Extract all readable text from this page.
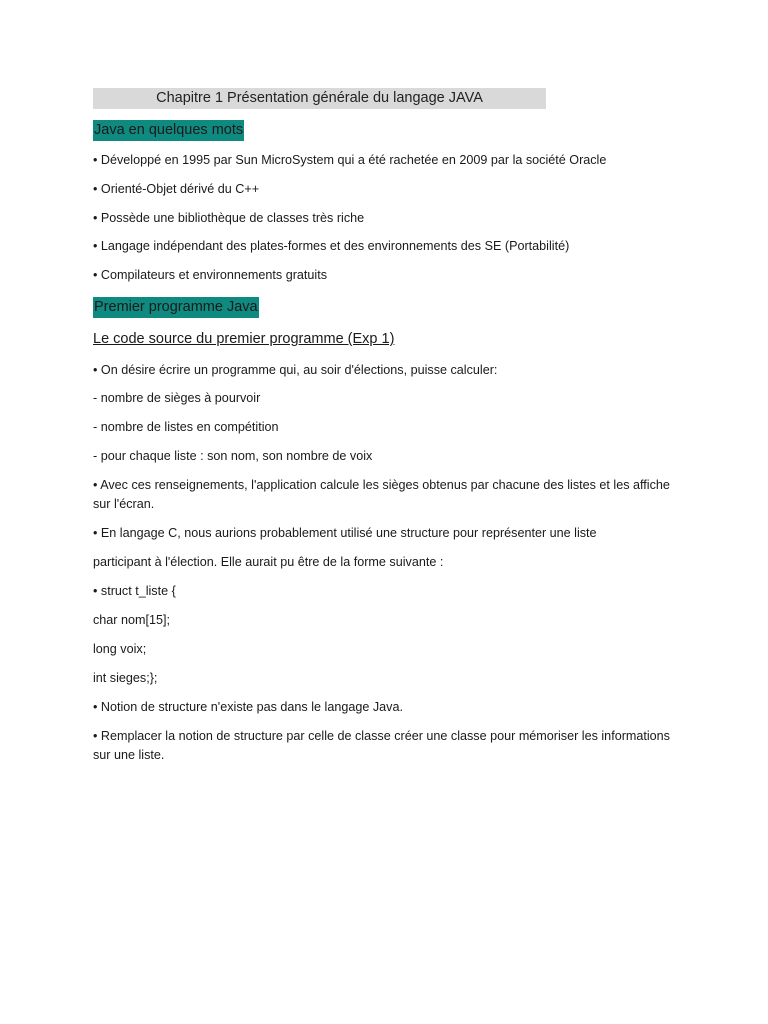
Chapitre 1 Présentation générale du langage JAVA
Java en quelques mots
• Développé en 1995 par Sun MicroSystem qui a été rachetée en 2009 par la société Oracle
• Orienté-Objet dérivé du C++
• Possède une bibliothèque de classes très riche
• Langage indépendant des plates-formes et des environnements des SE (Portabilité)
• Compilateurs et environnements gratuits
Premier programme Java
Le code source du premier programme (Exp 1)
• On désire écrire un programme qui, au soir d'élections, puisse calculer:
- nombre de sièges à pourvoir
- nombre de listes en compétition
- pour chaque liste : son nom, son nombre de voix
• Avec ces renseignements, l'application calcule les sièges obtenus par chacune des listes et les affiche sur l'écran.
• En langage C, nous aurions probablement utilisé une structure pour représenter une liste
participant à l'élection. Elle aurait pu être de la forme suivante :
• struct t_liste {
char nom[15];
long voix;
int sieges;};
• Notion de structure n'existe pas dans le langage Java.
• Remplacer la notion de structure par celle de classe créer une classe pour mémoriser les informations sur une liste.
